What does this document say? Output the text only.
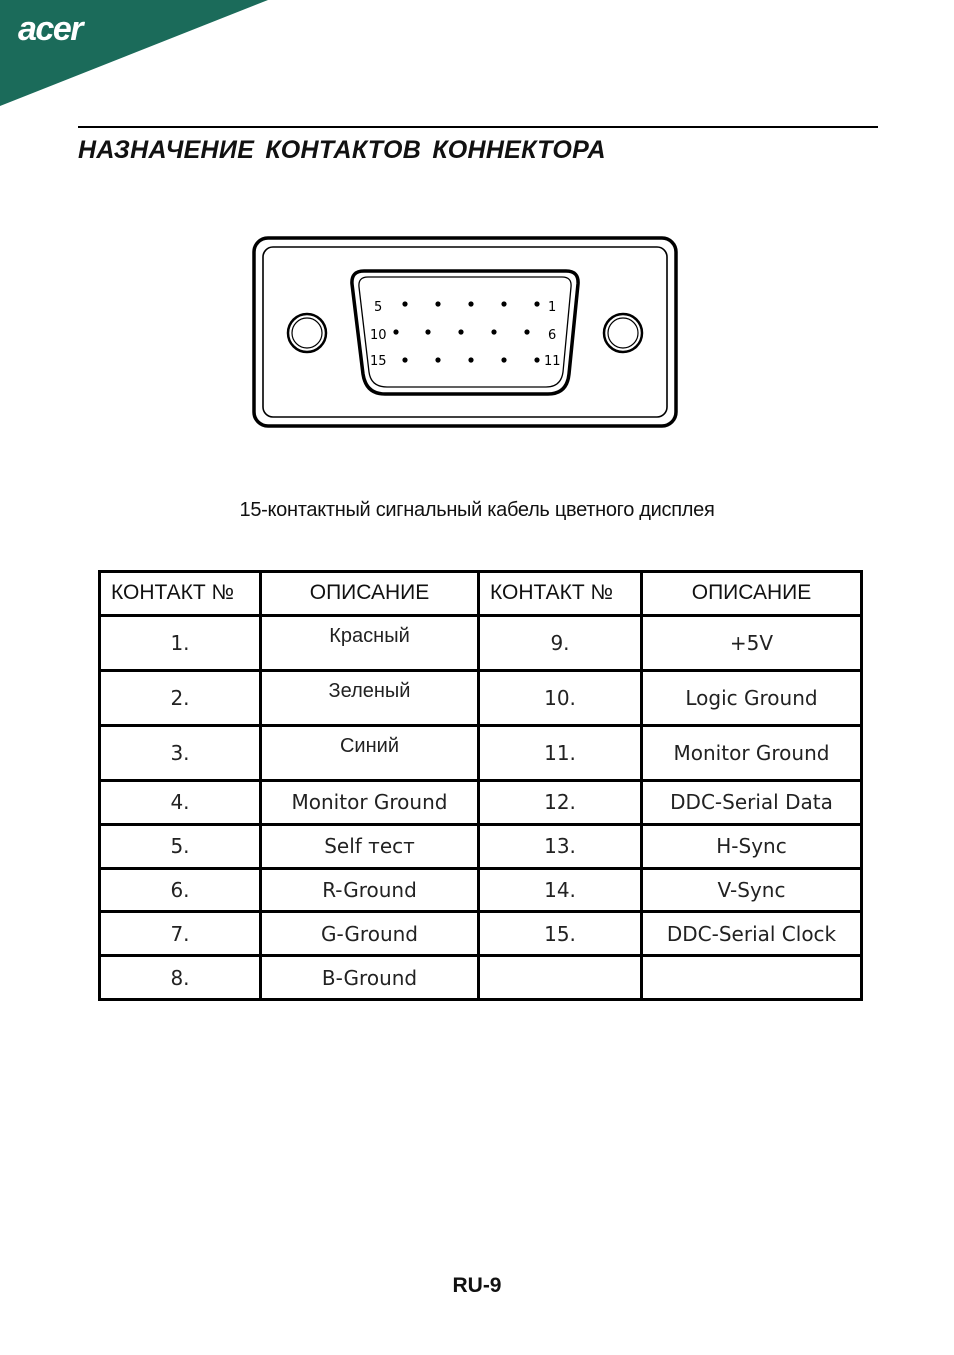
acer
НАЗНАЧЕНИЕ КОНТАКТОВ КОННЕКТОРА
5	1
10	6
15	11
15-контактный сигнальный кабель цветного дисплея
КОНТАКТ №	ОПИСАНИЕ	КОНТАКТ №	ОПИСАНИЕ
1.	Красный	9.	+5V
2.	Зеленый	10.	Logic Ground
3.	Синий	11.	Monitor Ground
4.	Monitor Ground	12.	DDC-Serial Data
5.	Self тест	13.	H-Sync
6.	R-Ground	14.	V-Sync
7.	G-Ground	15.	DDC-Serial Clock
8.	B-Ground		
RU-9
